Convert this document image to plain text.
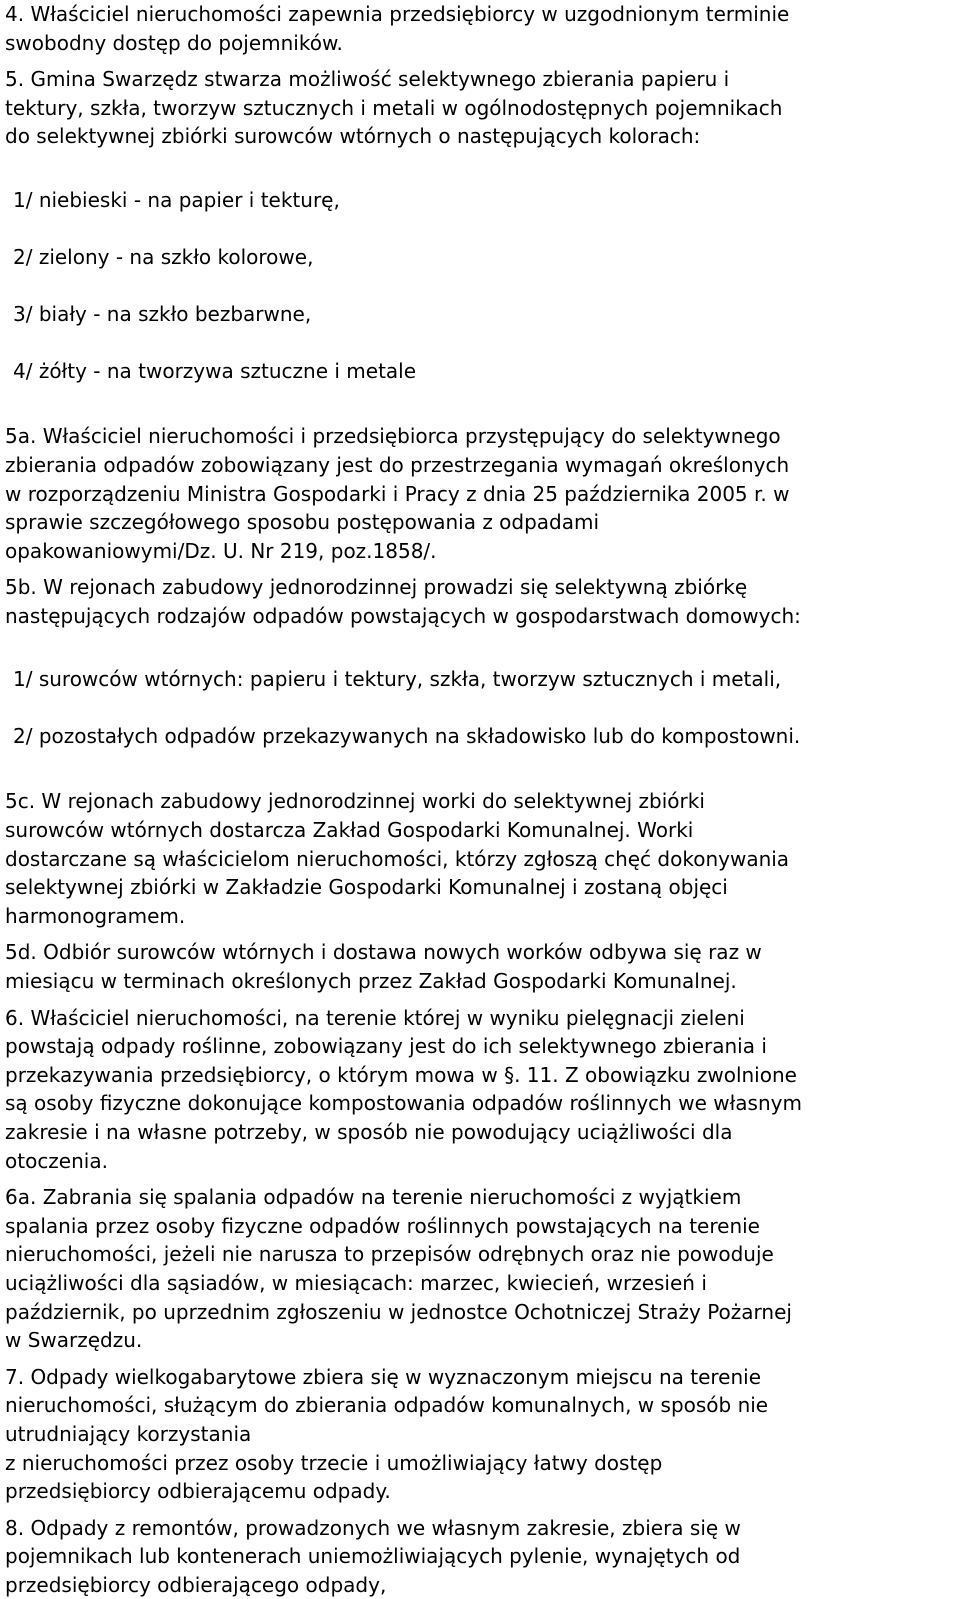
4. Właściciel nieruchomości zapewnia przedsiębiorcy w uzgodnionym terminie
swobodny dostęp do pojemników.

5. Gmina Swarzędz stwarza możliwość selektywnego zbierania papieru i
tektury, szkła, tworzyw sztucznych i metali w ogólnodostępnych pojemnikach
do selektywnej zbiórki surowców wtórnych o następujących kolorach:

1/ niebieski - na papier i tekturę,

2/ zielony - na szkło kolorowe,

3/ biały - na szkło bezbarwne,

4/ żółty - na tworzywa sztuczne i metale

5a. Właściciel nieruchomości i przedsiębiorca przystępujący do selektywnego
zbierania odpadów zobowiązany jest do przestrzegania wymagań określonych
w rozporządzeniu Ministra Gospodarki i Pracy z dnia 25 października 2005 r. w
sprawie szczegółowego sposobu postępowania z odpadami
opakowaniowymi/Dz. U. Nr 219, poz.1858/.

5b. W rejonach zabudowy jednorodzinnej prowadzi się selektywną zbiórkę
następujących rodzajów odpadów powstających w gospodarstwach domowych:

1/ surowców wtórnych: papieru i tektury, szkła, tworzyw sztucznych i metali,

2/ pozostałych odpadów przekazywanych na składowisko lub do kompostowni.

5c. W rejonach zabudowy jednorodzinnej worki do selektywnej zbiórki
surowców wtórnych dostarcza Zakład Gospodarki Komunalnej. Worki
dostarczane są właścicielom nieruchomości, którzy zgłoszą chęć dokonywania
selektywnej zbiórki w Zakładzie Gospodarki Komunalnej i zostaną objęci
harmonogramem.

5d. Odbiór surowców wtórnych i dostawa nowych worków odbywa się raz w
miesiącu w terminach określonych przez Zakład Gospodarki Komunalnej.

6. Właściciel nieruchomości, na terenie której w wyniku pielęgnacji zieleni
powstają odpady roślinne, zobowiązany jest do ich selektywnego zbierania i
przekazywania przedsiębiorcy, o którym mowa w §. 11. Z obowiązku zwolnione
są osoby fizyczne dokonujące kompostowania odpadów roślinnych we własnym
zakresie i na własne potrzeby, w sposób nie powodujący uciążliwości dla
otoczenia.

6a. Zabrania się spalania odpadów na terenie nieruchomości z wyjątkiem
spalania przez osoby fizyczne odpadów roślinnych powstających na terenie
nieruchomości, jeżeli nie narusza to przepisów odrębnych oraz nie powoduje
uciążliwości dla sąsiadów, w miesiącach: marzec, kwiecień, wrzesień i
październik, po uprzednim zgłoszeniu w jednostce Ochotniczej Straży Pożarnej
w Swarzędzu.

7. Odpady wielkogabarytowe zbiera się w wyznaczonym miejscu na terenie
nieruchomości, służącym do zbierania odpadów komunalnych, w sposób nie
utrudniający korzystania
z nieruchomości przez osoby trzecie i umożliwiający łatwy dostęp
przedsiębiorcy odbierającemu odpady.

8. Odpady z remontów, prowadzonych we własnym zakresie, zbiera się w
pojemnikach lub kontenerach uniemożliwiających pylenie, wynajętych od
przedsiębiorcy odbierającego odpady,
